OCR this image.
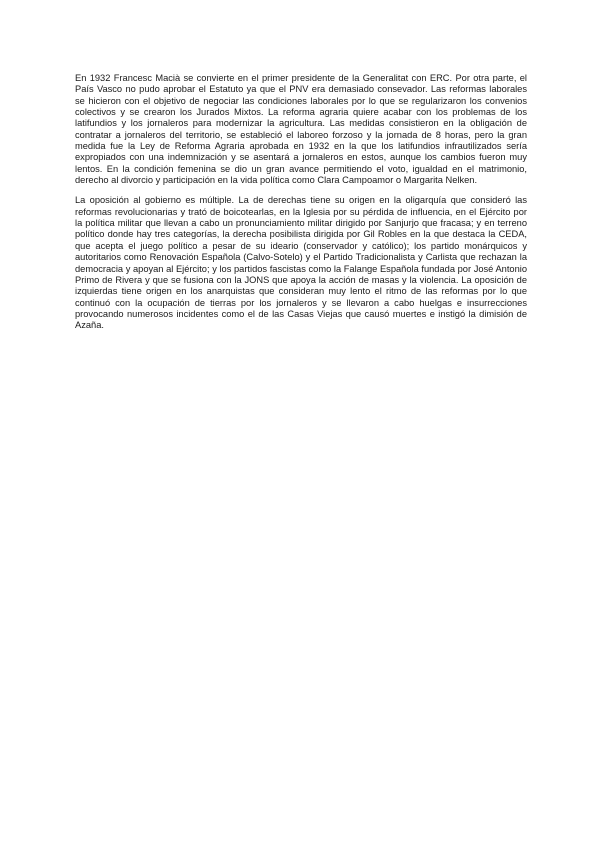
En 1932 Francesc Macià se convierte en el primer presidente de la Generalitat con ERC. Por otra parte, el País Vasco no pudo aprobar el Estatuto ya que el PNV era demasiado consevador. Las reformas laborales se hicieron con el objetivo de negociar las condiciones laborales por lo que se regularizaron los convenios colectivos y se crearon los Jurados Mixtos. La reforma agraria quiere acabar con los problemas de los latifundios y los jornaleros para modernizar la agricultura. Las medidas consistieron en la obligación de contratar a jornaleros del territorio, se estableció el laboreo forzoso y la jornada de 8 horas, pero la gran medida fue la Ley de Reforma Agraria aprobada en 1932 en la que los latifundios infrautilizados sería expropiados con una indemnización y se asentará a jornaleros en estos, aunque los cambios fueron muy lentos. En la condición femenina se dio un gran avance permitiendo el voto, igualdad en el matrimonio, derecho al divorcio y participación en la vida política como Clara Campoamor o Margarita Nelken.

La oposición al gobierno es múltiple. La de derechas tiene su origen en la oligarquía que consideró las reformas revolucionarias y trató de boicotearlas, en la Iglesia por su pérdida de influencia, en el Ejército por la política militar que llevan a cabo un pronunciamiento militar dirigido por Sanjurjo que fracasa; y en terreno político donde hay tres categorías, la derecha posibilista dirigida por Gil Robles en la que destaca la CEDA, que acepta el juego político a pesar de su ideario (conservador y católico); los partido monárquicos y autoritarios como Renovación Española (Calvo-Sotelo) y el Partido Tradicionalista y Carlista que rechazan la democracia y apoyan al Ejército; y los partidos fascistas como la Falange Española fundada por José Antonio Primo de Rivera y que se fusiona con la JONS que apoya la acción de masas y la violencia. La oposición de izquierdas tiene origen en los anarquistas que consideran muy lento el ritmo de las reformas por lo que continuó con la ocupación de tierras por los jornaleros y se llevaron a cabo huelgas e insurrecciones provocando numerosos incidentes como el de las Casas Viejas que causó muertes e instigó la dimisión de Azaña.
